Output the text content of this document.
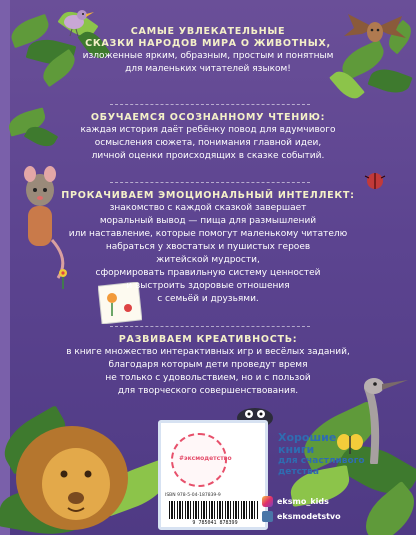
САМЫЕ УВЛЕКАТЕЛЬНЫЕ
СКАЗКИ НАРОДОВ МИРА О ЖИВОТНЫХ,
изложенные ярким, образным, простым и понятным
для маленьких читателей языком!
ОБУЧАЕМСЯ ОСОЗНАННОМУ ЧТЕНИЮ:
каждая история даёт ребёнку повод для вдумчивого
осмысления сюжета, понимания главной идеи,
личной оценки происходящих в сказке событий.
ПРОКАЧИВАЕМ ЭМОЦИОНАЛЬНЫЙ ИНТЕЛЛЕКТ:
знакомство с каждой сказкой завершает
моральный вывод — пища для размышлений
или наставление, которые помогут маленькому читателю
набраться у хвостатых и пушистых героев
житейской мудрости,
сформировать правильную систему ценностей
и выстроить здоровые отношения
с семьёй и друзьями.
РАЗВИВАЕМ КРЕАТИВНОСТЬ:
в книге множество интерактивных игр и весёлых заданий,
благодаря которым дети проведут время
не только с удовольствием, но и с пользой
для творческого совершенствования.
#эксмодетство
ISBN 978-5-04-187839-9
9 785041 878399
Хорошие
книги
для счастливого
детства
eksmo_kids
eksmodetstvo
